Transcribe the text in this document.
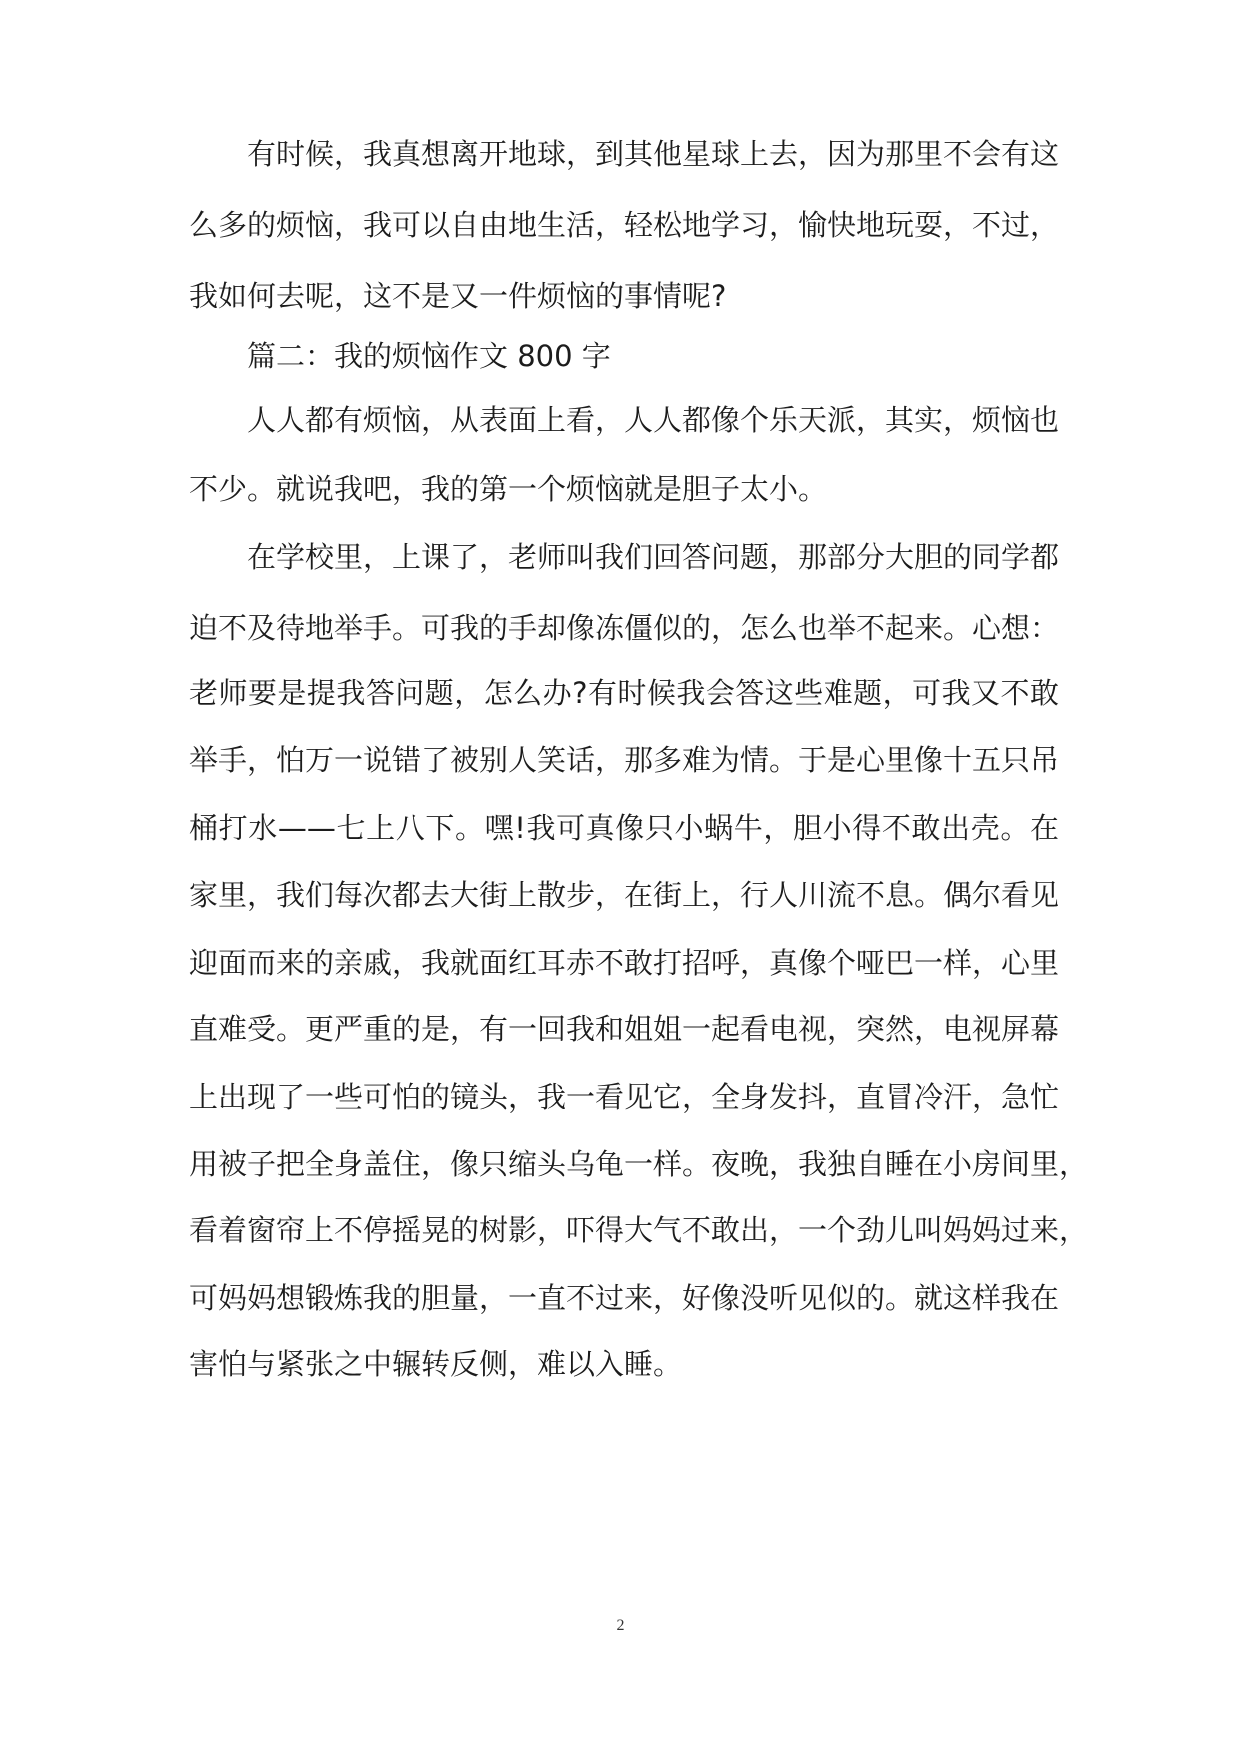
有时候，我真想离开地球，到其他星球上去，因为那里不会有这
么多的烦恼，我可以自由地生活，轻松地学习，愉快地玩耍，不过，
我如何去呢，这不是又一件烦恼的事情呢?
篇二：我的烦恼作文 800 字
人人都有烦恼，从表面上看，人人都像个乐天派，其实，烦恼也
不少。就说我吧，我的第一个烦恼就是胆子太小。
在学校里，上课了，老师叫我们回答问题，那部分大胆的同学都
迫不及待地举手。可我的手却像冻僵似的，怎么也举不起来。心想：
老师要是提我答问题，怎么办?有时候我会答这些难题，可我又不敢
举手，怕万一说错了被别人笑话，那多难为情。于是心里像十五只吊
桶打水——七上八下。嘿!我可真像只小蜗牛，胆小得不敢出壳。在
家里，我们每次都去大街上散步，在街上，行人川流不息。偶尔看见
迎面而来的亲戚，我就面红耳赤不敢打招呼，真像个哑巴一样，心里
直难受。更严重的是，有一回我和姐姐一起看电视，突然，电视屏幕
上出现了一些可怕的镜头，我一看见它，全身发抖，直冒冷汗，急忙
用被子把全身盖住，像只缩头乌龟一样。夜晚，我独自睡在小房间里，
看着窗帘上不停摇晃的树影，吓得大气不敢出，一个劲儿叫妈妈过来，
可妈妈想锻炼我的胆量，一直不过来，好像没听见似的。就这样我在
害怕与紧张之中辗转反侧，难以入睡。
2
